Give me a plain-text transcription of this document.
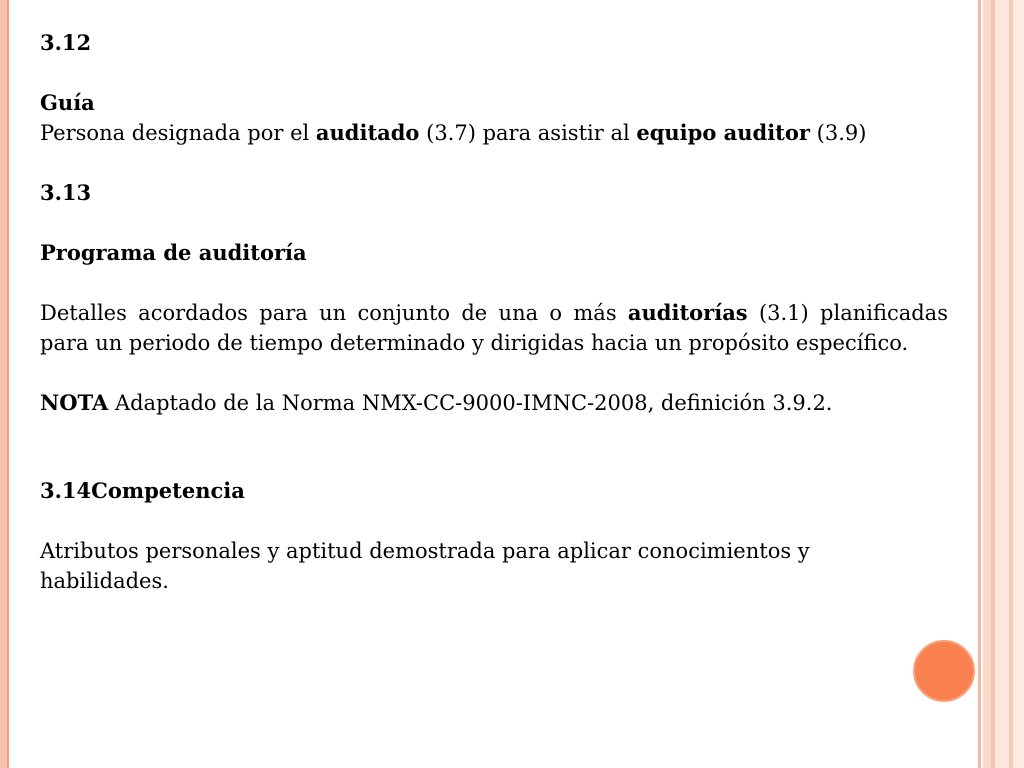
3.12

Guía

Persona designada por el auditado (3.7) para asistir al equipo auditor (3.9)

3.13

Programa de auditoría

Detalles acordados para un conjunto de una o más auditorías (3.1) planificadas para un periodo de tiempo determinado y dirigidas hacia un propósito específico.

NOTA Adaptado de la Norma NMX-CC-9000-IMNC-2008, definición 3.9.2.

3.14Competencia

Atributos personales y aptitud demostrada para aplicar conocimientos y habilidades.
